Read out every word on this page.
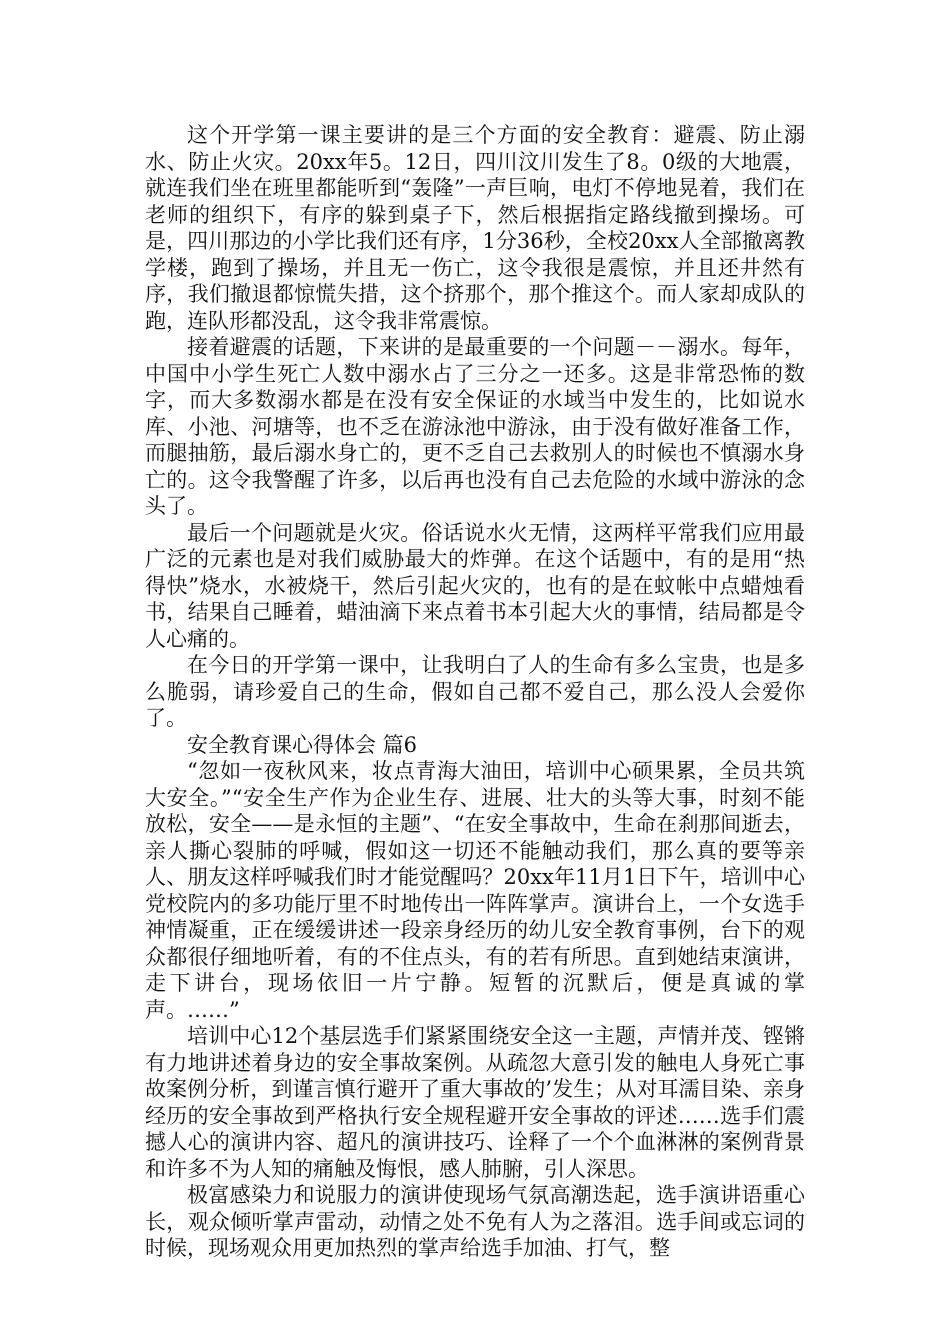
这个开学第一课主要讲的是三个方面的安全教育：避震、防止溺水、防止火灾。20xx年5。12日，四川汶川发生了8。0级的大地震，就连我们坐在班里都能听到“轰隆”一声巨响，电灯不停地晃着，我们在老师的组织下，有序的躲到桌子下，然后根据指定路线撤到操场。可是，四川那边的小学比我们还有序，1分36秒，全校20xx人全部撤离教学楼，跑到了操场，并且无一伤亡，这令我很是震惊，并且还井然有序，我们撤退都惊慌失措，这个挤那个，那个推这个。而人家却成队的跑，连队形都没乱，这令我非常震惊。

接着避震的话题，下来讲的是最重要的一个问题－－溺水。每年，中国中小学生死亡人数中溺水占了三分之一还多。这是非常恐怖的数字，而大多数溺水都是在没有安全保证的水域当中发生的，比如说水库、小池、河塘等，也不乏在游泳池中游泳，由于没有做好准备工作，而腿抽筋，最后溺水身亡的，更不乏自己去救别人的时候也不慎溺水身亡的。这令我警醒了许多，以后再也没有自己去危险的水域中游泳的念头了。

最后一个问题就是火灾。俗话说水火无情，这两样平常我们应用最广泛的元素也是对我们威胁最大的炸弹。在这个话题中，有的是用“热得快”烧水，水被烧干，然后引起火灾的，也有的是在蚊帐中点蜡烛看书，结果自己睡着，蜡油滴下来点着书本引起大火的事情，结局都是令人心痛的。

在今日的开学第一课中，让我明白了人的生命有多么宝贵，也是多么脆弱，请珍爱自己的生命，假如自己都不爱自己，那么没人会爱你了。

安全教育课心得体会 篇6

“忽如一夜秋风来，妆点青海大油田，培训中心硕果累，全员共筑大安全。”“安全生产作为企业生存、进展、壮大的头等大事，时刻不能放松，安全——是永恒的主题”、“在安全事故中，生命在刹那间逝去，亲人撕心裂肺的呼喊，假如这一切还不能触动我们，那么真的要等亲人、朋友这样呼喊我们时才能觉醒吗？20xx年11月1日下午，培训中心党校院内的多功能厅里不时地传出一阵阵掌声。演讲台上，一个女选手神情凝重，正在缓缓讲述一段亲身经历的幼儿安全教育事例，台下的观众都很仔细地听着，有的不住点头，有的若有所思。直到她结束演讲，走下讲台，现场依旧一片宁静。短暂的沉默后，便是真诚的掌声。……”

培训中心12个基层选手们紧紧围绕安全这一主题，声情并茂、铿锵有力地讲述着身边的安全事故案例。从疏忽大意引发的触电人身死亡事故案例分析，到谨言慎行避开了重大事故的’发生；从对耳濡目染、亲身经历的安全事故到严格执行安全规程避开安全事故的评述……选手们震撼人心的演讲内容、超凡的演讲技巧、诠释了一个个血淋淋的案例背景和许多不为人知的痛触及悔恨，感人肺腑，引人深思。

极富感染力和说服力的演讲使现场气氛高潮迭起，选手演讲语重心长，观众倾听掌声雷动，动情之处不免有人为之落泪。选手间或忘词的时候，现场观众用更加热烈的掌声给选手加油、打气，整
